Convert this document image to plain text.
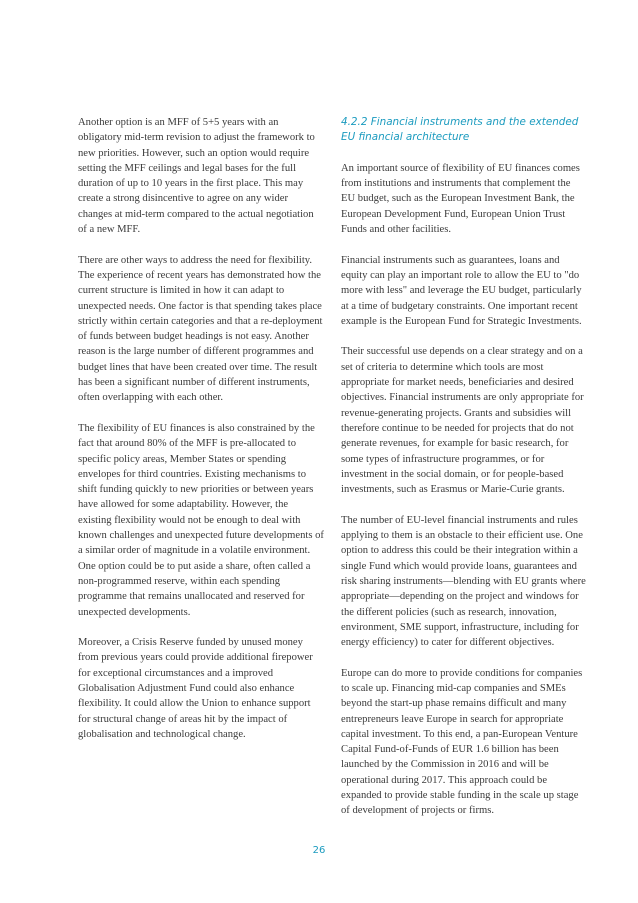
Another option is an MFF of 5+5 years with an obligatory mid-term revision to adjust the framework to new priorities. However, such an option would require setting the MFF ceilings and legal bases for the full duration of up to 10 years in the first place. This may create a strong disincentive to agree on any wider changes at mid-term compared to the actual negotiation of a new MFF.

There are other ways to address the need for flexibility. The experience of recent years has demonstrated how the current structure is limited in how it can adapt to unexpected needs. One factor is that spending takes place strictly within certain categories and that a re-deployment of funds between budget headings is not easy. Another reason is the large number of different programmes and budget lines that have been created over time. The result has been a significant number of different instruments, often overlapping with each other.

The flexibility of EU finances is also constrained by the fact that around 80% of the MFF is pre-allocated to specific policy areas, Member States or spending envelopes for third countries. Existing mechanisms to shift funding quickly to new priorities or between years have allowed for some adaptability. However, the existing flexibility would not be enough to deal with known challenges and unexpected future developments of a similar order of magnitude in a volatile environment. One option could be to put aside a share, often called a non-programmed reserve, within each spending programme that remains unallocated and reserved for unexpected developments.

Moreover, a Crisis Reserve funded by unused money from previous years could provide additional firepower for exceptional circumstances and a improved Globalisation Adjustment Fund could also enhance flexibility. It could allow the Union to enhance support for structural change of areas hit by the impact of globalisation and technological change.

4.2.2 Financial instruments and the extended EU financial architecture

An important source of flexibility of EU finances comes from institutions and instruments that complement the EU budget, such as the European Investment Bank, the European Development Fund, European Union Trust Funds and other facilities.

Financial instruments such as guarantees, loans and equity can play an important role to allow the EU to "do more with less" and leverage the EU budget, particularly at a time of budgetary constraints. One important recent example is the European Fund for Strategic Investments.

Their successful use depends on a clear strategy and on a set of criteria to determine which tools are most appropriate for market needs, beneficiaries and desired objectives. Financial instruments are only appropriate for revenue-generating projects. Grants and subsidies will therefore continue to be needed for projects that do not generate revenues, for example for basic research, for some types of infrastructure programmes, or for investment in the social domain, or for people-based investments, such as Erasmus or Marie-Curie grants.

The number of EU-level financial instruments and rules applying to them is an obstacle to their efficient use. One option to address this could be their integration within a single Fund which would provide loans, guarantees and risk sharing instruments—blending with EU grants where appropriate—depending on the project and windows for the different policies (such as research, innovation, environment, SME support, infrastructure, including for energy efficiency) to cater for different objectives.

Europe can do more to provide conditions for companies to scale up. Financing mid-cap companies and SMEs beyond the start-up phase remains difficult and many entrepreneurs leave Europe in search for appropriate capital investment. To this end, a pan-European Venture Capital Fund-of-Funds of EUR 1.6 billion has been launched by the Commission in 2016 and will be operational during 2017. This approach could be expanded to provide stable funding in the scale up stage of development of projects or firms.

26
